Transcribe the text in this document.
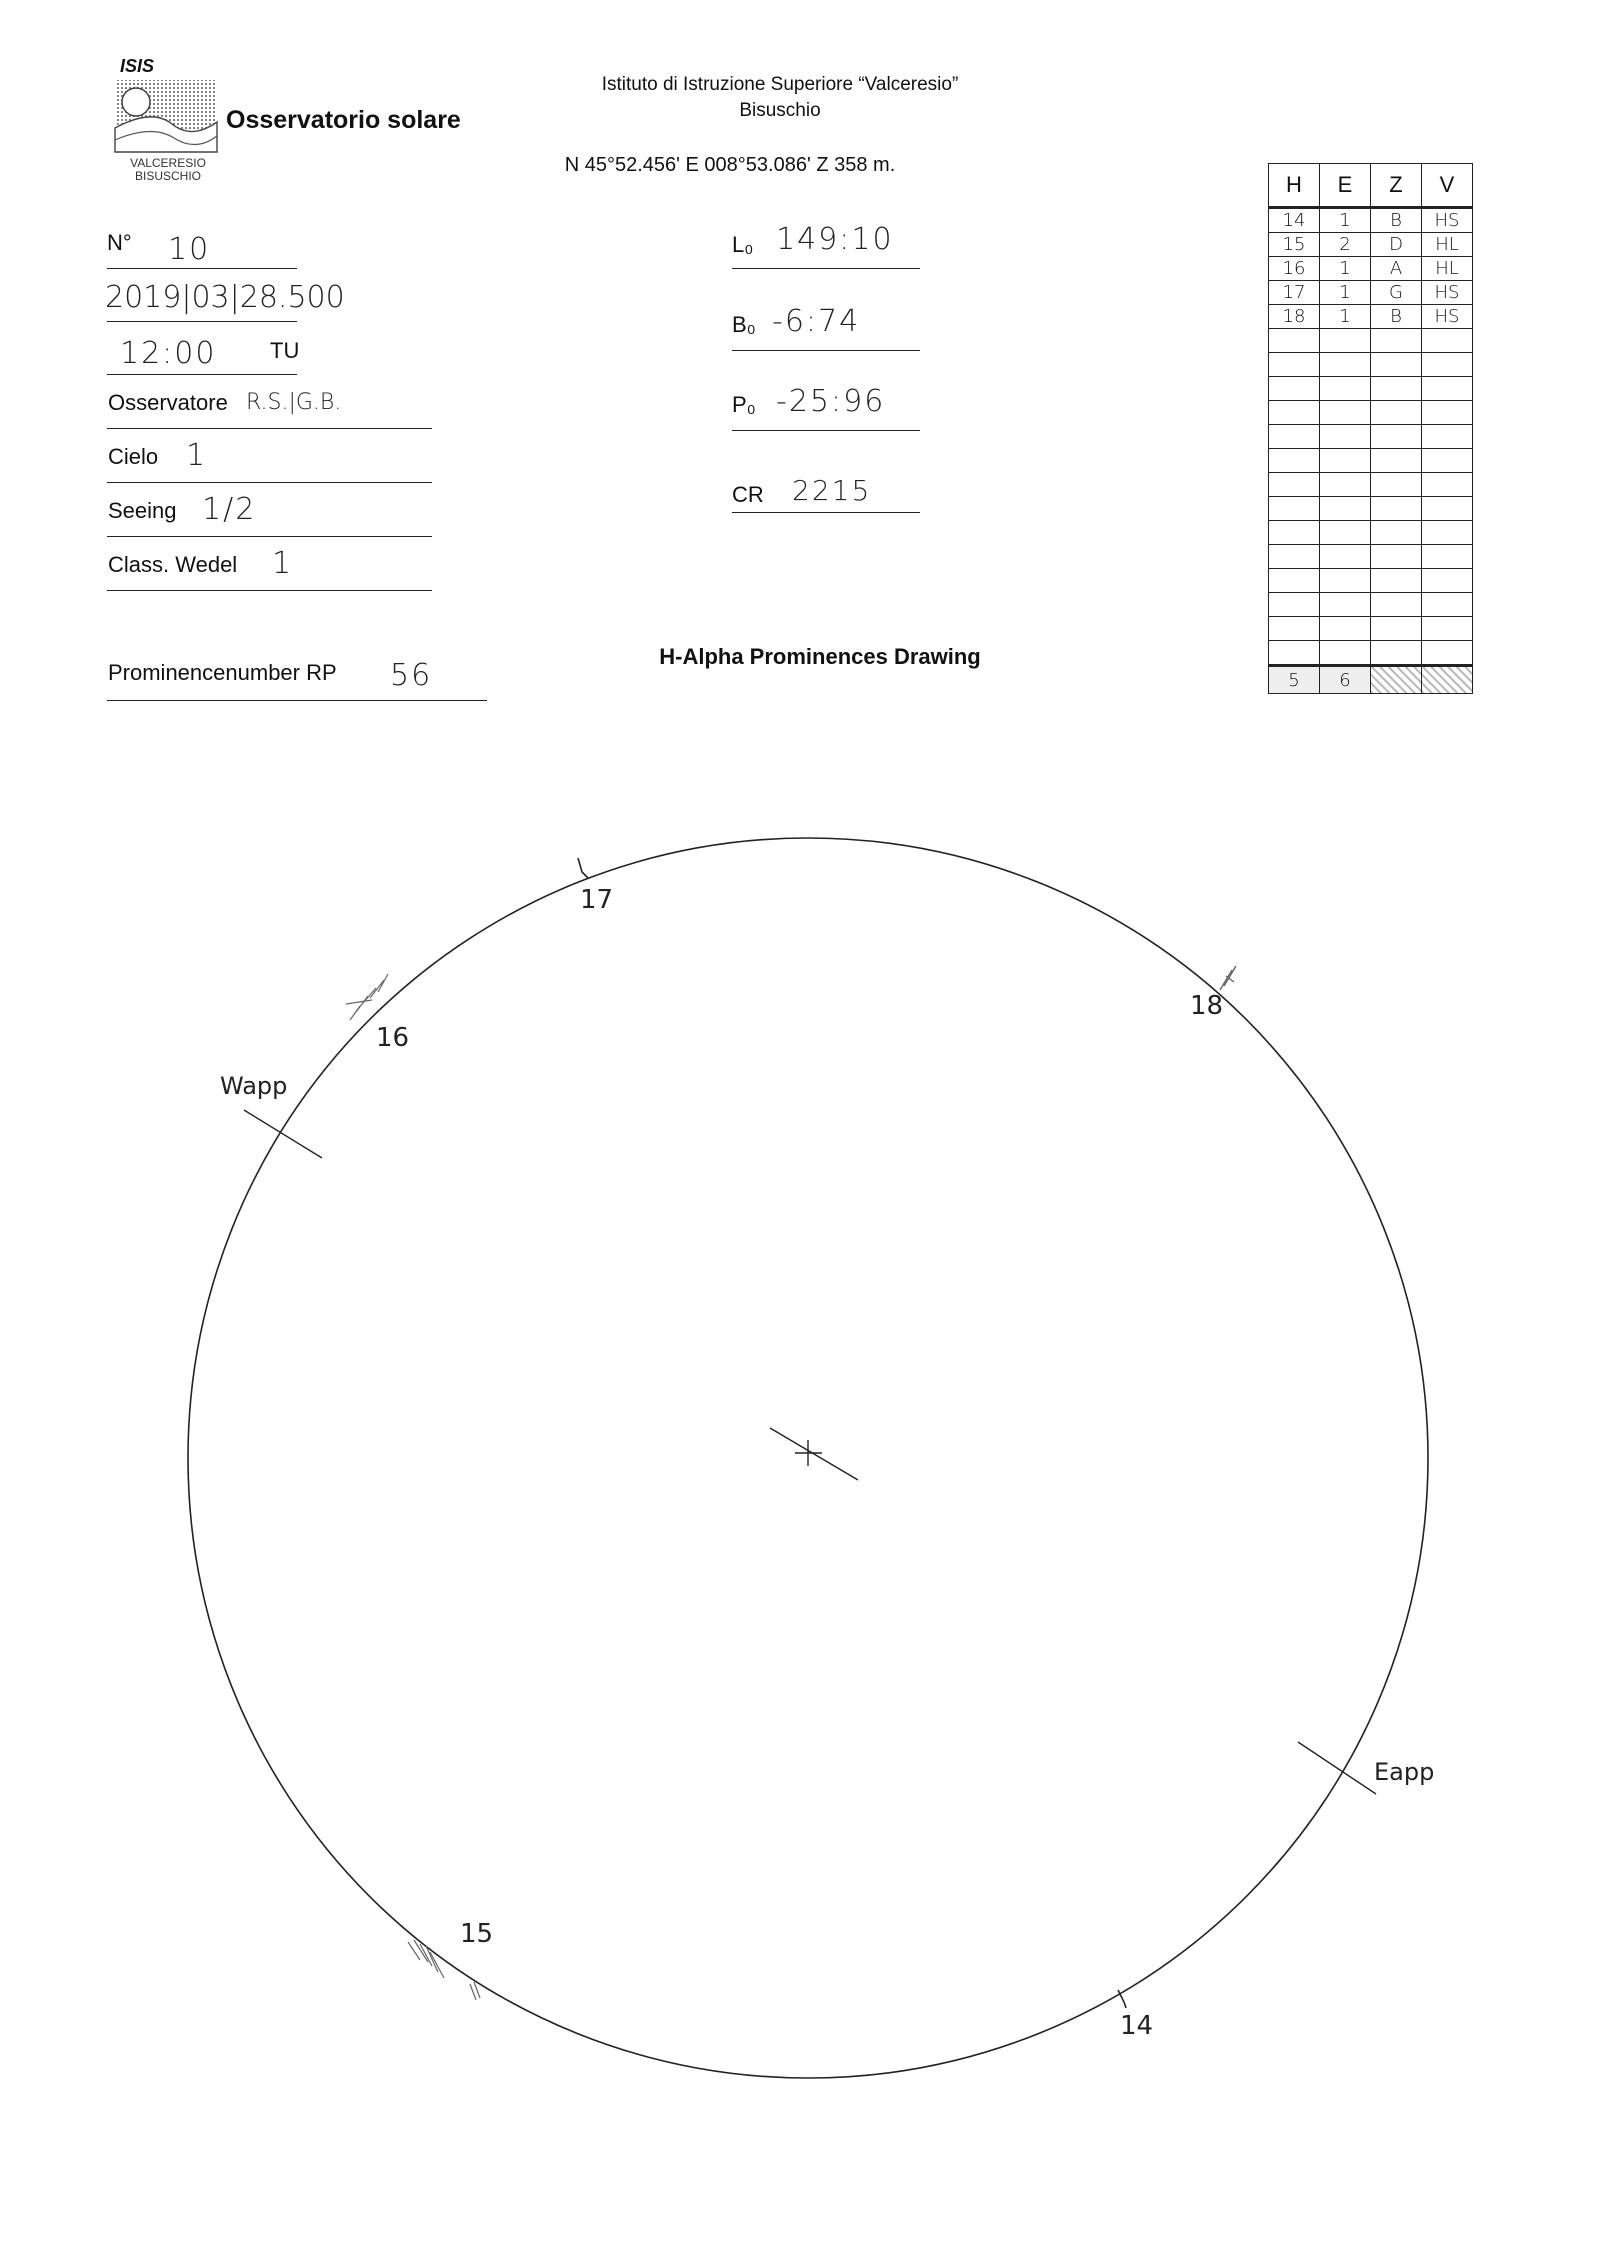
ISIS
VALCERESIO
BISUSCHIO
Osservatorio solare
Istituto di Istruzione Superiore “Valceresio”
Bisuschio
N 45°52.456' E 008°53.086' Z 358 m.
N° 10
2019|03|28.500
12:00 TU
Osservatore R.S.|G.B.
Cielo 1
Seeing 1/2
Class. Wedel 1
Prominencenumber RP 56
L₀ 149:10
B₀ -6:74
P₀ -25:96
CR 2215
H	E	Z	V
14	1	B	HS
15	2	D	HL
16	1	A	HL
17	1	G	HS
18	1	B	HS

5	6		
H-Alpha Prominences Drawing
17
18
16
Wapp
Eapp
15
14
